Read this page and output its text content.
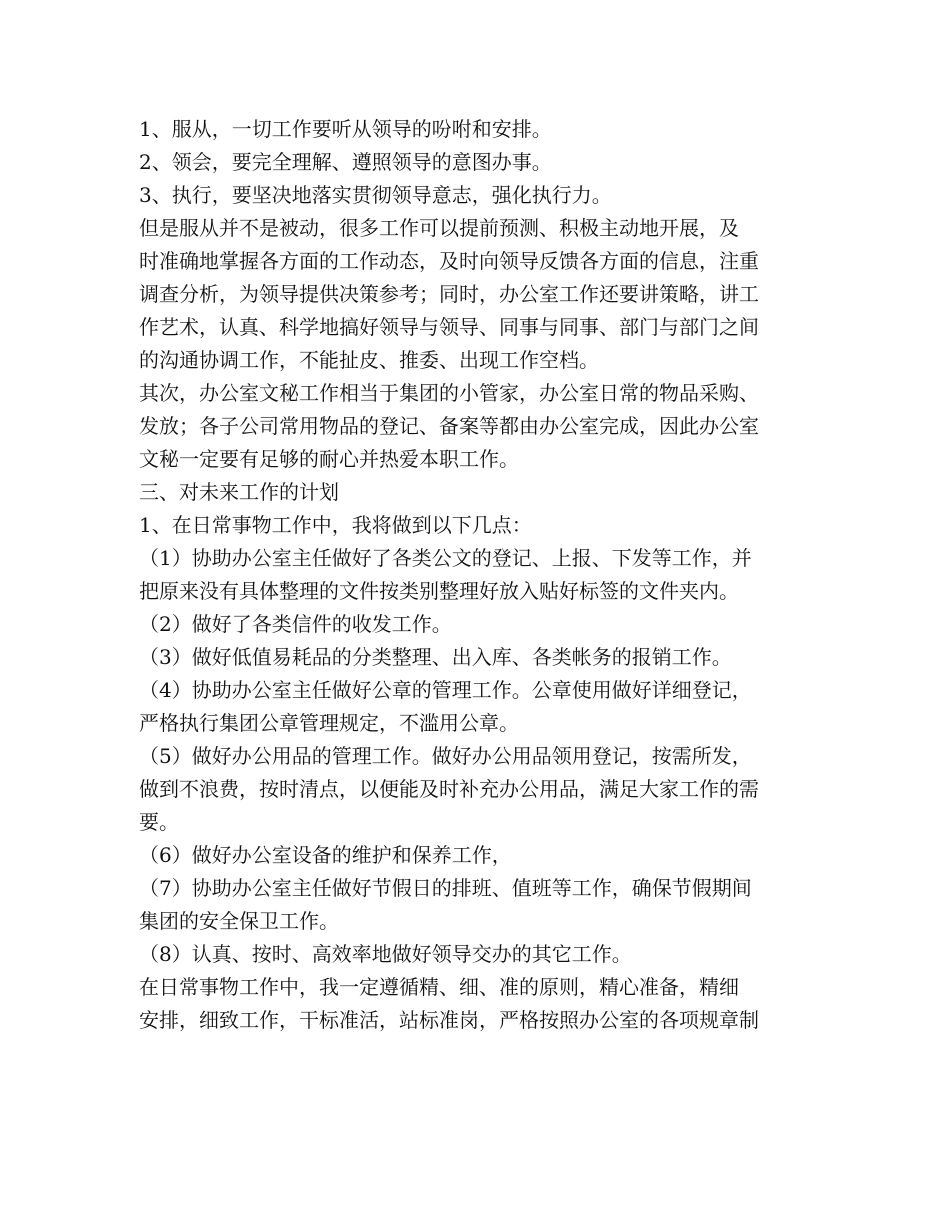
1、服从，一切工作要听从领导的吩咐和安排。
2、领会，要完全理解、遵照领导的意图办事。
3、执行，要坚决地落实贯彻领导意志，强化执行力。
但是服从并不是被动，很多工作可以提前预测、积极主动地开展，及
时准确地掌握各方面的工作动态，及时向领导反馈各方面的信息，注重
调查分析，为领导提供决策参考；同时，办公室工作还要讲策略，讲工
作艺术，认真、科学地搞好领导与领导、同事与同事、部门与部门之间
的沟通协调工作，不能扯皮、推委、出现工作空档。
其次，办公室文秘工作相当于集团的小管家，办公室日常的物品采购、
发放；各子公司常用物品的登记、备案等都由办公室完成，因此办公室
文秘一定要有足够的耐心并热爱本职工作。
三、对未来工作的计划
1、在日常事物工作中，我将做到以下几点：
（1）协助办公室主任做好了各类公文的登记、上报、下发等工作，并
把原来没有具体整理的文件按类别整理好放入贴好标签的文件夹内。
（2）做好了各类信件的收发工作。
（3）做好低值易耗品的分类整理、出入库、各类帐务的报销工作。
（4）协助办公室主任做好公章的管理工作。公章使用做好详细登记，
严格执行集团公章管理规定，不滥用公章。
（5）做好办公用品的管理工作。做好办公用品领用登记，按需所发，
做到不浪费，按时清点，以便能及时补充办公用品，满足大家工作的需
要。
（6）做好办公室设备的维护和保养工作，
（7）协助办公室主任做好节假日的排班、值班等工作，确保节假期间
集团的安全保卫工作。
（8）认真、按时、高效率地做好领导交办的其它工作。
在日常事物工作中，我一定遵循精、细、准的原则，精心准备，精细
安排，细致工作，干标准活，站标准岗，严格按照办公室的各项规章制
